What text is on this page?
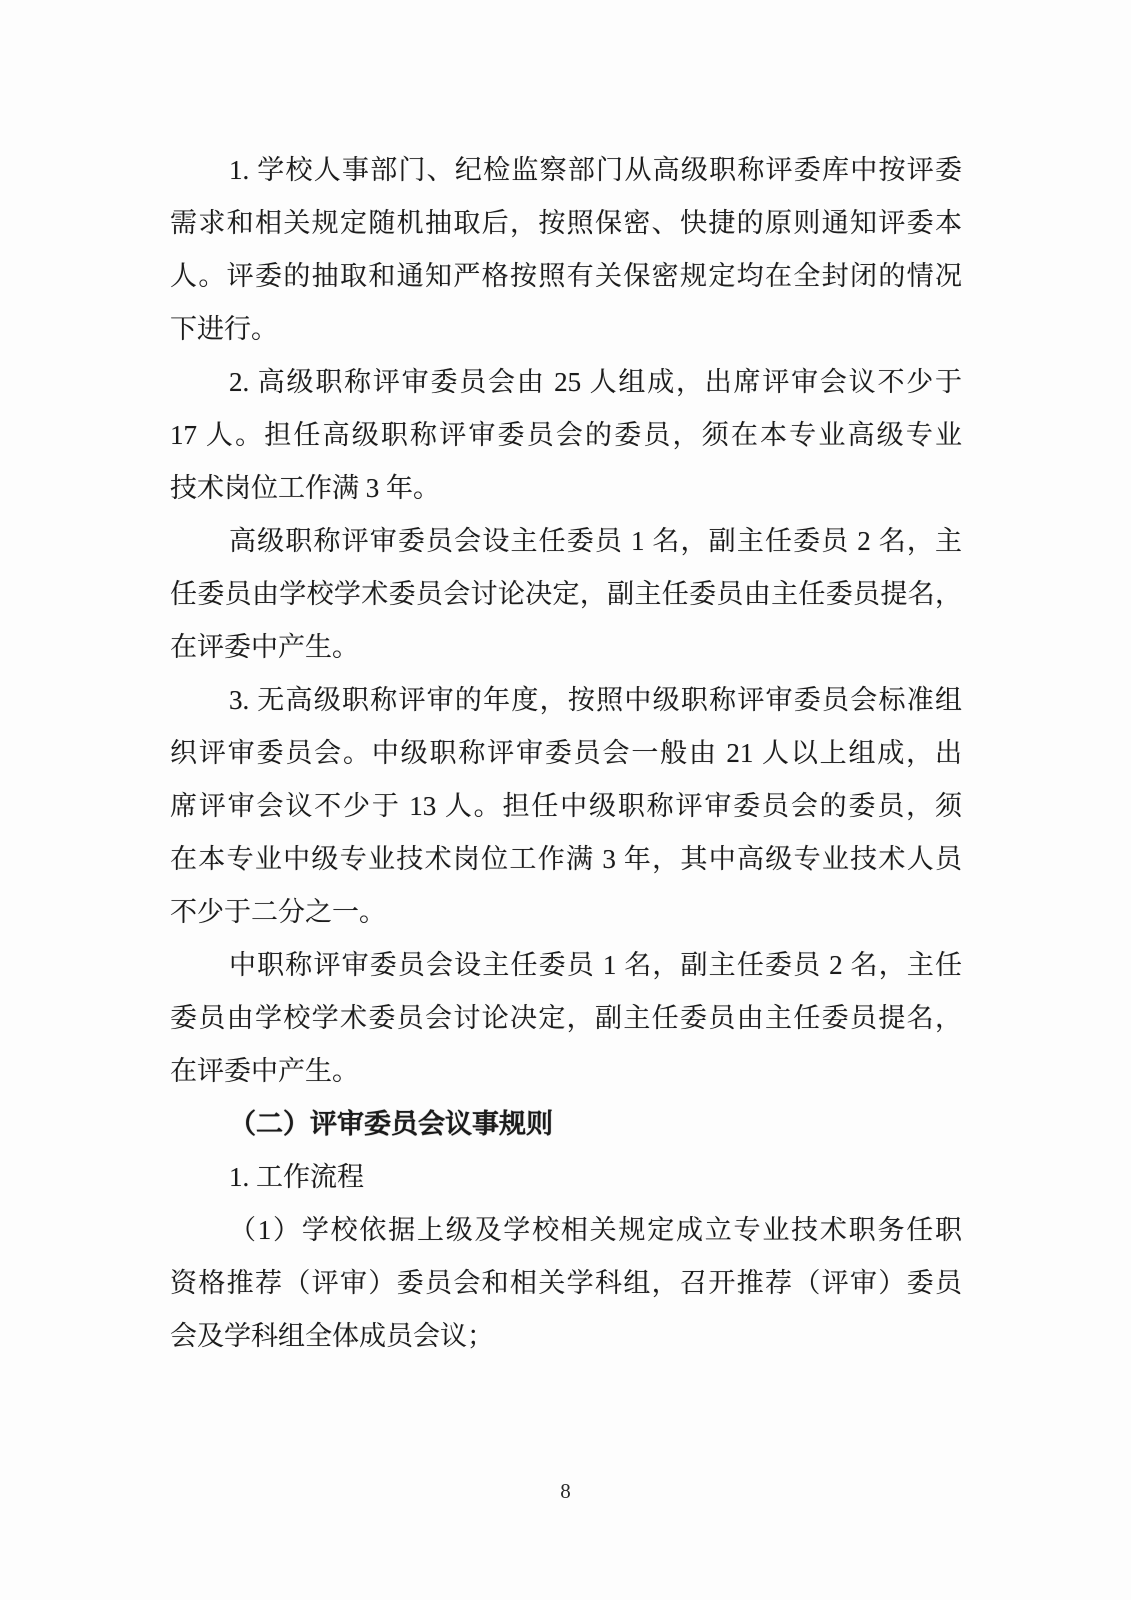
1. 学校人事部门、纪检监察部门从高级职称评委库中按评委
需求和相关规定随机抽取后，按照保密、快捷的原则通知评委本
人。评委的抽取和通知严格按照有关保密规定均在全封闭的情况
下进行。
2. 高级职称评审委员会由 25 人组成，出席评审会议不少于
17 人。担任高级职称评审委员会的委员，须在本专业高级专业
技术岗位工作满 3 年。
高级职称评审委员会设主任委员 1 名，副主任委员 2 名，主
任委员由学校学术委员会讨论决定，副主任委员由主任委员提名，
在评委中产生。
3. 无高级职称评审的年度，按照中级职称评审委员会标准组
织评审委员会。中级职称评审委员会一般由 21 人以上组成，出
席评审会议不少于 13 人。担任中级职称评审委员会的委员，须
在本专业中级专业技术岗位工作满 3 年，其中高级专业技术人员
不少于二分之一。
中职称评审委员会设主任委员 1 名，副主任委员 2 名，主任
委员由学校学术委员会讨论决定，副主任委员由主任委员提名，
在评委中产生。
（二）评审委员会议事规则
1. 工作流程
（1）学校依据上级及学校相关规定成立专业技术职务任职
资格推荐（评审）委员会和相关学科组，召开推荐（评审）委员
会及学科组全体成员会议；
8
